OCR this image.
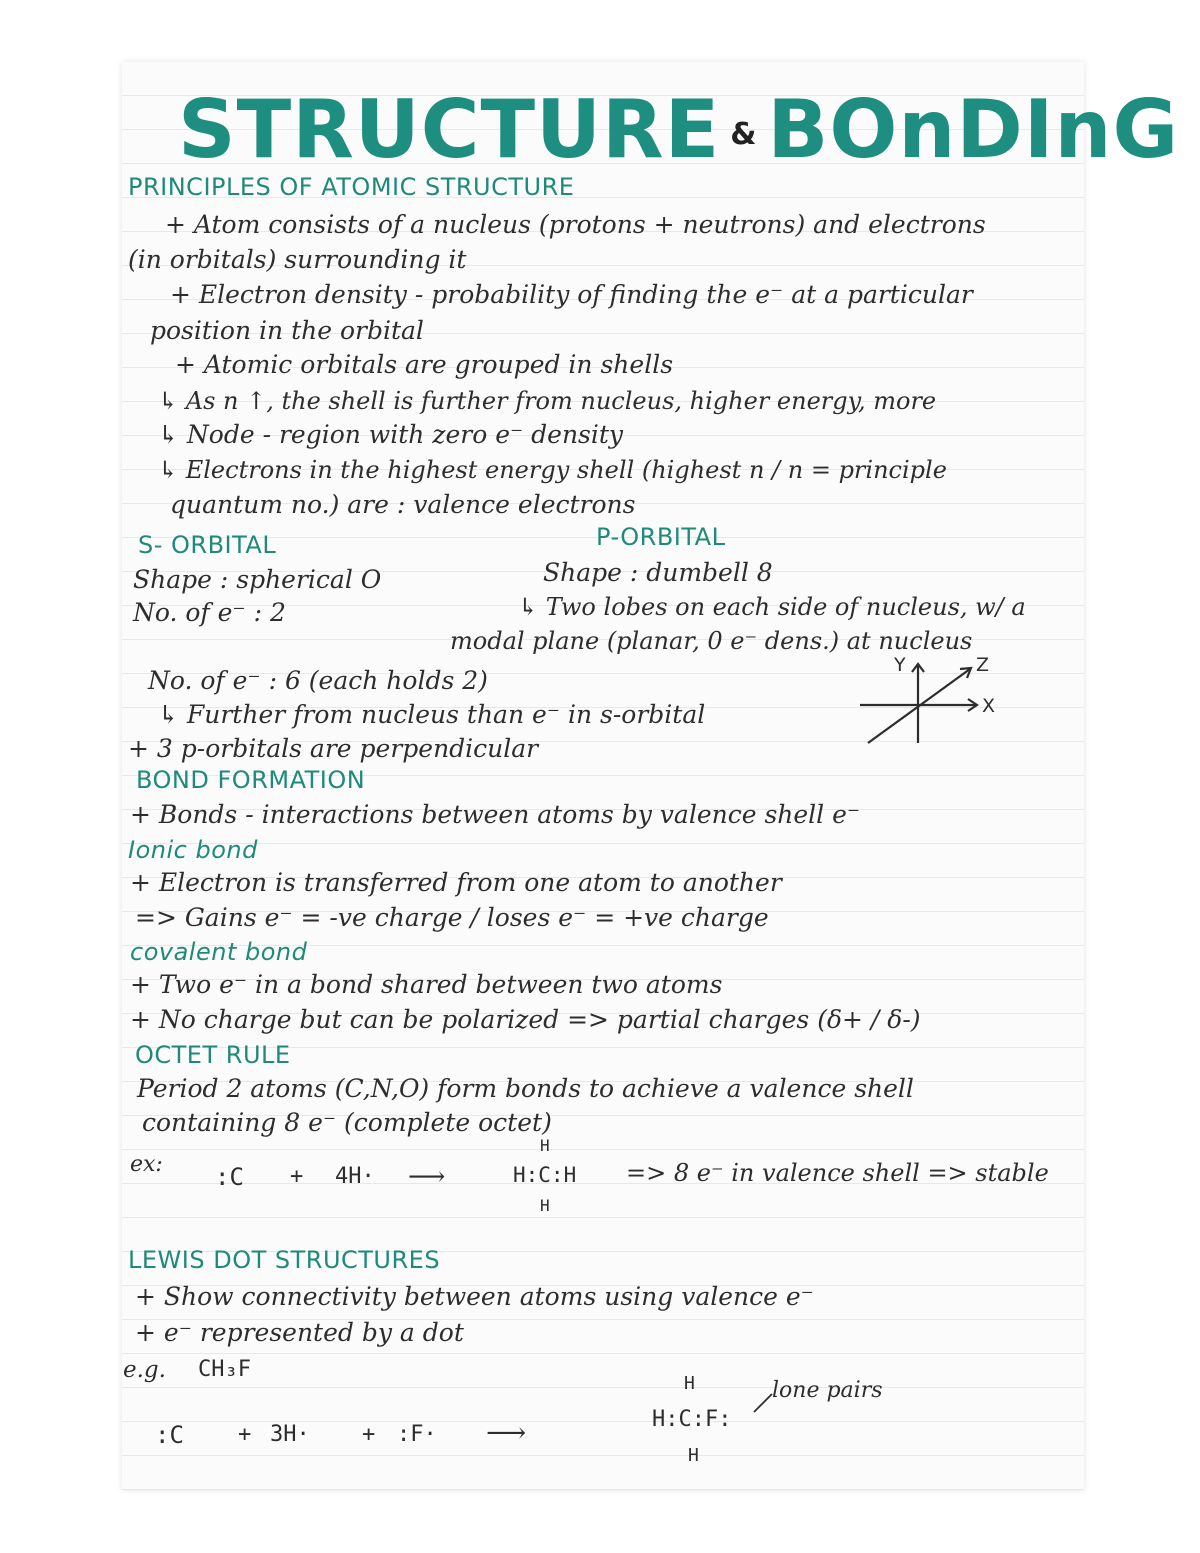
STRUCTURE & BOnDInG
PRINCIPLES OF ATOMIC STRUCTURE
+ Atom consists of a nucleus (protons + neutrons) and electrons
(in orbitals) surrounding it
+ Electron density - probability of finding the e⁻ at a particular
position in the orbital
+ Atomic orbitals are grouped in shells
↳ As n ↑, the shell is further from nucleus, higher energy, more
↳ Node - region with zero e⁻ density
↳ Electrons in the highest energy shell (highest n / n = principle
quantum no.) are : valence electrons
S- ORBITAL
Shape : spherical O
No. of e⁻ : 2
P-ORBITAL
Shape : dumbell 8
↳ Two lobes on each side of nucleus, w/ a
modal plane (planar, 0 e⁻ dens.) at nucleus
No. of e⁻ : 6 (each holds 2)
↳ Further from nucleus than e⁻ in s-orbital
+ 3 p-orbitals are perpendicular
Y	Z
X
BOND FORMATION
+ Bonds - interactions between atoms by valence shell e⁻
Ionic bond
+ Electron is transferred from one atom to another
=> Gains e⁻ = -ve charge / loses e⁻ = +ve charge
covalent bond
+ Two e⁻ in a bond shared between two atoms
+ No charge but can be polarized => partial charges (δ+ / δ-)
OCTET RULE
Period 2 atoms (C,N,O) form bonds to achieve a valence shell
containing 8 e⁻ (complete octet)
ex: :C + 4H· ⟶
H
H:C:H
H
=> 8 e⁻ in valence shell => stable
LEWIS DOT STRUCTURES
+ Show connectivity between atoms using valence e⁻
+ e⁻ represented by a dot
e.g. CH₃F
:C + 3H· + :F· ⟶
H
H:C:F:
H
lone pairs
